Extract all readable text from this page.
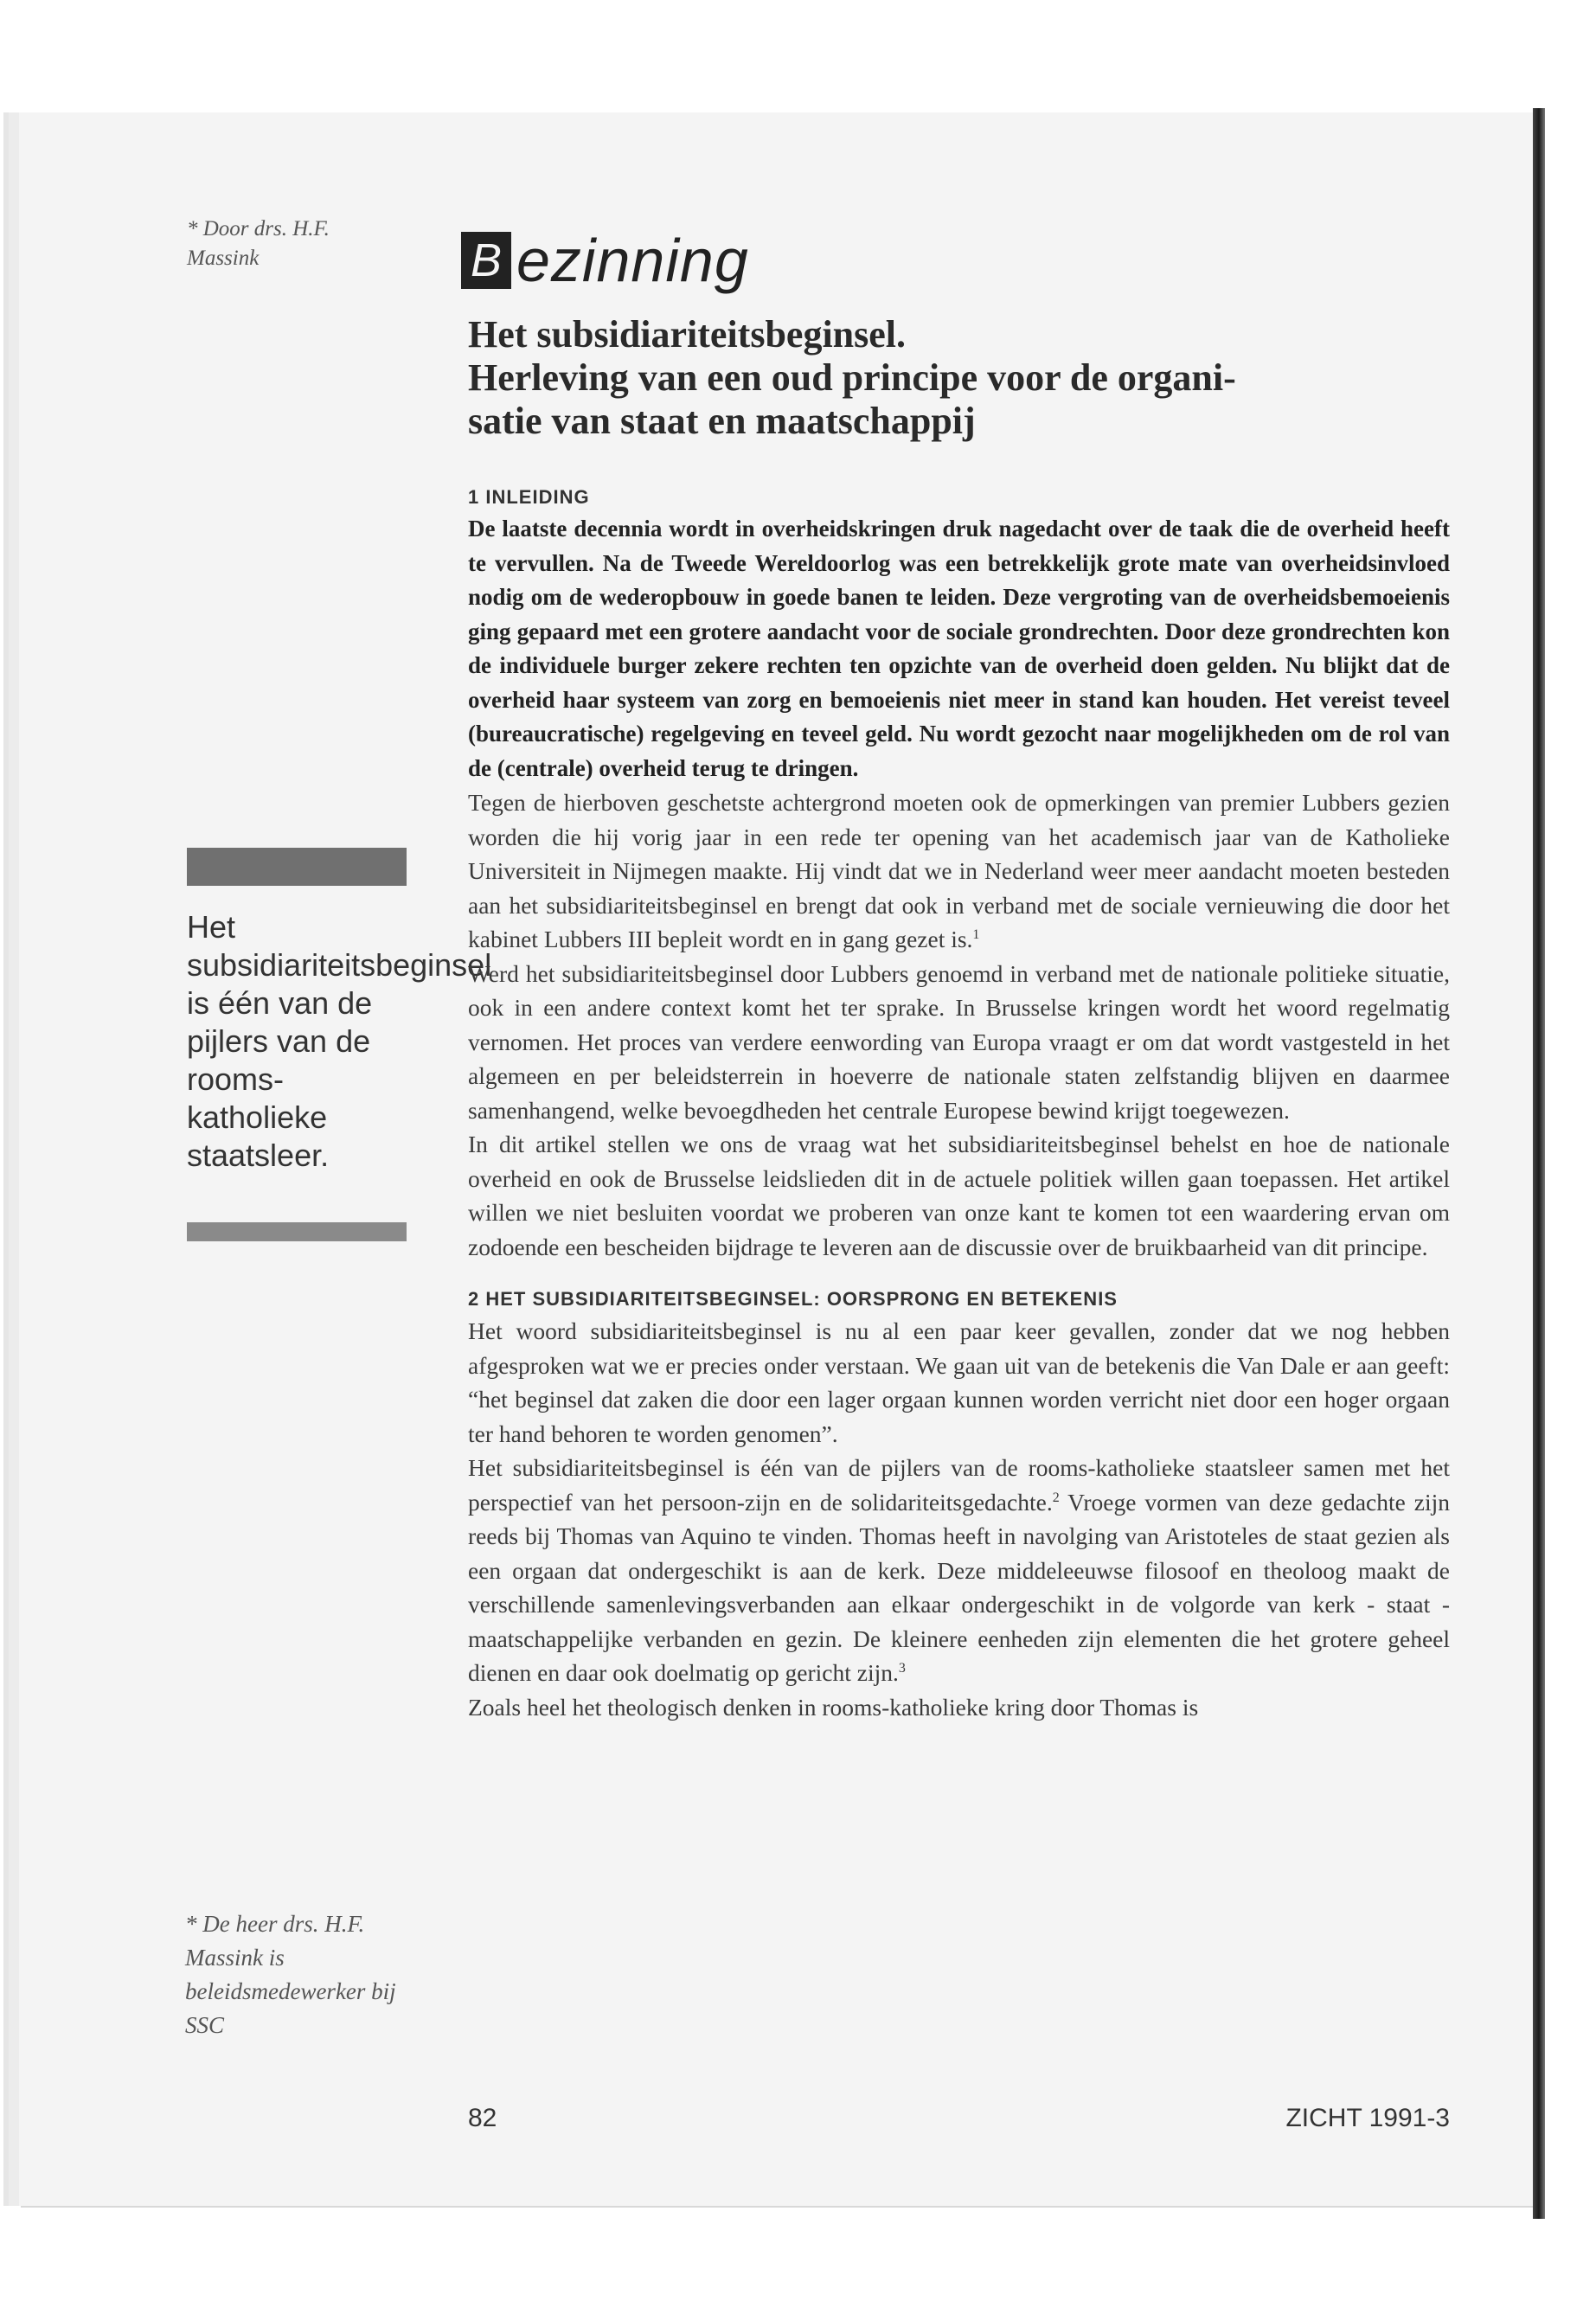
* Door drs. H.F. Massink	B ezinning
Het subsidiariteitsbeginsel.
Herleving van een oud principe voor de organi-
satie van staat en maatschappij
Het subsidiariteitsbeginsel is één van de pijlers van de rooms-katholieke staatsleer.
* De heer drs. H.F. Massink is beleidsmedewerker bij SSC
1 INLEIDING

De laatste decennia wordt in overheidskringen druk nagedacht over de taak die de overheid heeft te vervullen. Na de Tweede Wereldoorlog was een betrekkelijk grote mate van overheidsinvloed nodig om de wederopbouw in goede banen te leiden. Deze vergroting van de overheidsbemoeienis ging gepaard met een grotere aandacht voor de sociale grondrechten. Door deze grondrechten kon de individuele burger zekere rechten ten opzichte van de overheid doen gelden. Nu blijkt dat de overheid haar systeem van zorg en bemoeienis niet meer in stand kan houden. Het vereist teveel (bureaucratische) regelgeving en teveel geld. Nu wordt gezocht naar mogelijkheden om de rol van de (centrale) overheid terug te dringen.

Tegen de hierboven geschetste achtergrond moeten ook de opmerkingen van premier Lubbers gezien worden die hij vorig jaar in een rede ter opening van het academisch jaar van de Katholieke Universiteit in Nijmegen maakte. Hij vindt dat we in Nederland weer meer aandacht moeten besteden aan het subsidiariteitsbeginsel en brengt dat ook in verband met de sociale vernieuwing die door het kabinet Lubbers III bepleit wordt en in gang gezet is.$^1$

Werd het subsidiariteitsbeginsel door Lubbers genoemd in verband met de nationale politieke situatie, ook in een andere context komt het ter sprake. In Brusselse kringen wordt het woord regelmatig vernomen. Het proces van verdere eenwording van Europa vraagt er om dat wordt vastgesteld in het algemeen en per beleidsterrein in hoeverre de nationale staten zelfstandig blijven en daarmee samenhangend, welke bevoegdheden het centrale Europese bewind krijgt toegewezen.

In dit artikel stellen we ons de vraag wat het subsidiariteitsbeginsel behelst en hoe de nationale overheid en ook de Brusselse leidslieden dit in de actuele politiek willen gaan toepassen. Het artikel willen we niet besluiten voordat we proberen van onze kant te komen tot een waardering ervan om zodoende een bescheiden bijdrage te leveren aan de discussie over de bruikbaarheid van dit principe.

2 HET SUBSIDIARITEITSBEGINSEL: OORSPRONG EN BETEKENIS

Het woord subsidiariteitsbeginsel is nu al een paar keer gevallen, zonder dat we nog hebben afgesproken wat we er precies onder verstaan. We gaan uit van de betekenis die Van Dale er aan geeft: “het beginsel dat zaken die door een lager orgaan kunnen worden verricht niet door een hoger orgaan ter hand behoren te worden genomen”.

Het subsidiariteitsbeginsel is één van de pijlers van de rooms-katholieke staatsleer samen met het perspectief van het persoon-zijn en de solidariteitsgedachte.$^2$ Vroege vormen van deze gedachte zijn reeds bij Thomas van Aquino te vinden. Thomas heeft in navolging van Aristoteles de staat gezien als een orgaan dat ondergeschikt is aan de kerk. Deze middeleeuwse filosoof en theoloog maakt de verschillende samenlevingsverbanden aan elkaar ondergeschikt in de volgorde van kerk - staat - maatschappelijke verbanden en gezin. De kleinere eenheden zijn elementen die het grotere geheel dienen en daar ook doelmatig op gericht zijn.$^3$

Zoals heel het theologisch denken in rooms-katholieke kring door Thomas is

82	ZICHT 1991-3
